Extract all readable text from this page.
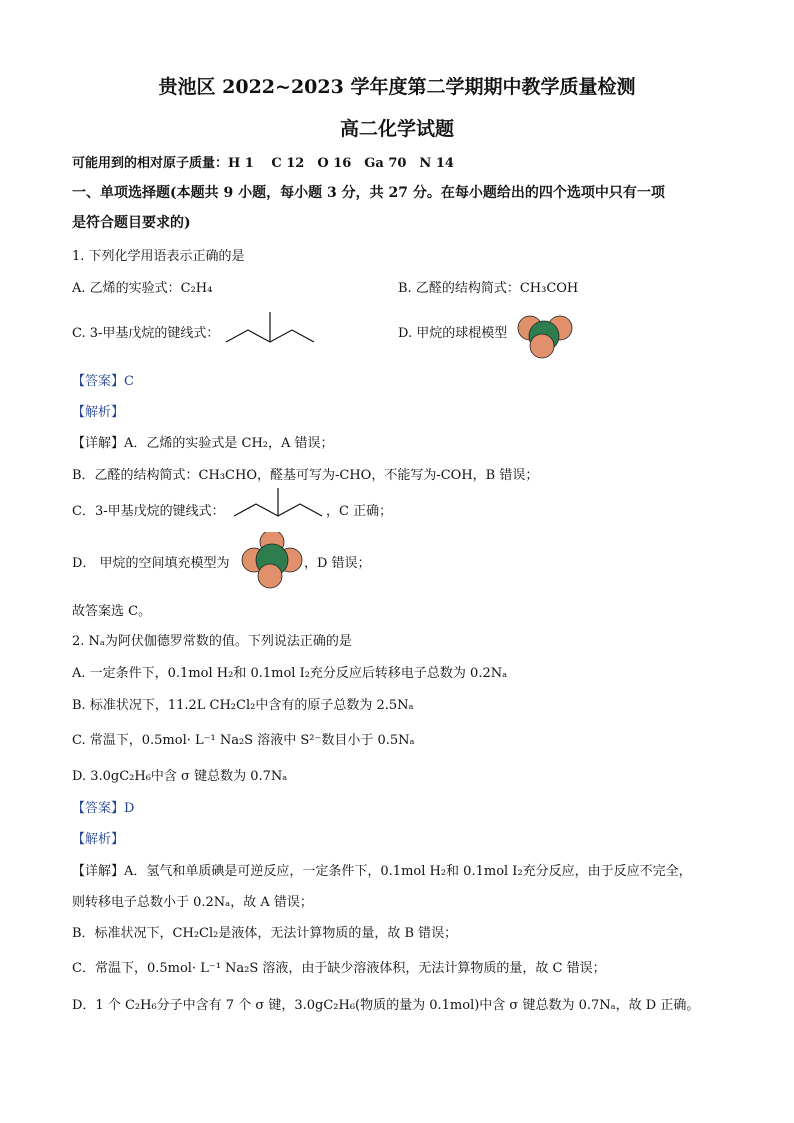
贵池区 2022~2023 学年度第二学期期中教学质量检测
高二化学试题
可能用到的相对原子质量：H 1　 C 12　O 16　Ga 70　N 14
一、单项选择题(本题共 9 小题，每小题 3 分，共 27 分。在每小题给出的四个选项中只有一项
是符合题目要求的)
1. 下列化学用语表示正确的是
A. 乙烯的实验式：C₂H₄	B. 乙醛的结构简式：CH₃COH
C. 3-甲基戊烷的键线式：	D. 甲烷的球棍模型
【答案】C
【解析】
【详解】A．乙烯的实验式是 CH₂，A 错误；
B．乙醛的结构简式：CH₃CHO，醛基可写为-CHO，不能写为-COH，B 错误；
C．3-甲基戊烷的键线式：	，C 正确；
D． 甲烷的空间填充模型为	，D 错误；
故答案选 C。
2. Nₐ为阿伏伽德罗常数的值。下列说法正确的是
A. 一定条件下，0.1mol H₂和 0.1mol I₂充分反应后转移电子总数为 0.2Nₐ
B. 标准状况下，11.2L CH₂Cl₂中含有的原子总数为 2.5Nₐ
C. 常温下，0.5mol· L⁻¹ Na₂S 溶液中 S²⁻数目小于 0.5Nₐ
D. 3.0gC₂H₆中含 σ 键总数为 0.7Nₐ
【答案】D
【解析】
【详解】A．氢气和单质碘是可逆反应，一定条件下，0.1mol H₂和 0.1mol I₂充分反应，由于反应不完全，
则转移电子总数小于 0.2Nₐ，故 A 错误；
B．标准状况下，CH₂Cl₂是液体，无法计算物质的量，故 B 错误；
C．常温下，0.5mol· L⁻¹ Na₂S 溶液，由于缺少溶液体积，无法计算物质的量，故 C 错误；
D．1 个 C₂H₆分子中含有 7 个 σ 键，3.0gC₂H₆(物质的量为 0.1mol)中含 σ 键总数为 0.7Nₐ，故 D 正确。
